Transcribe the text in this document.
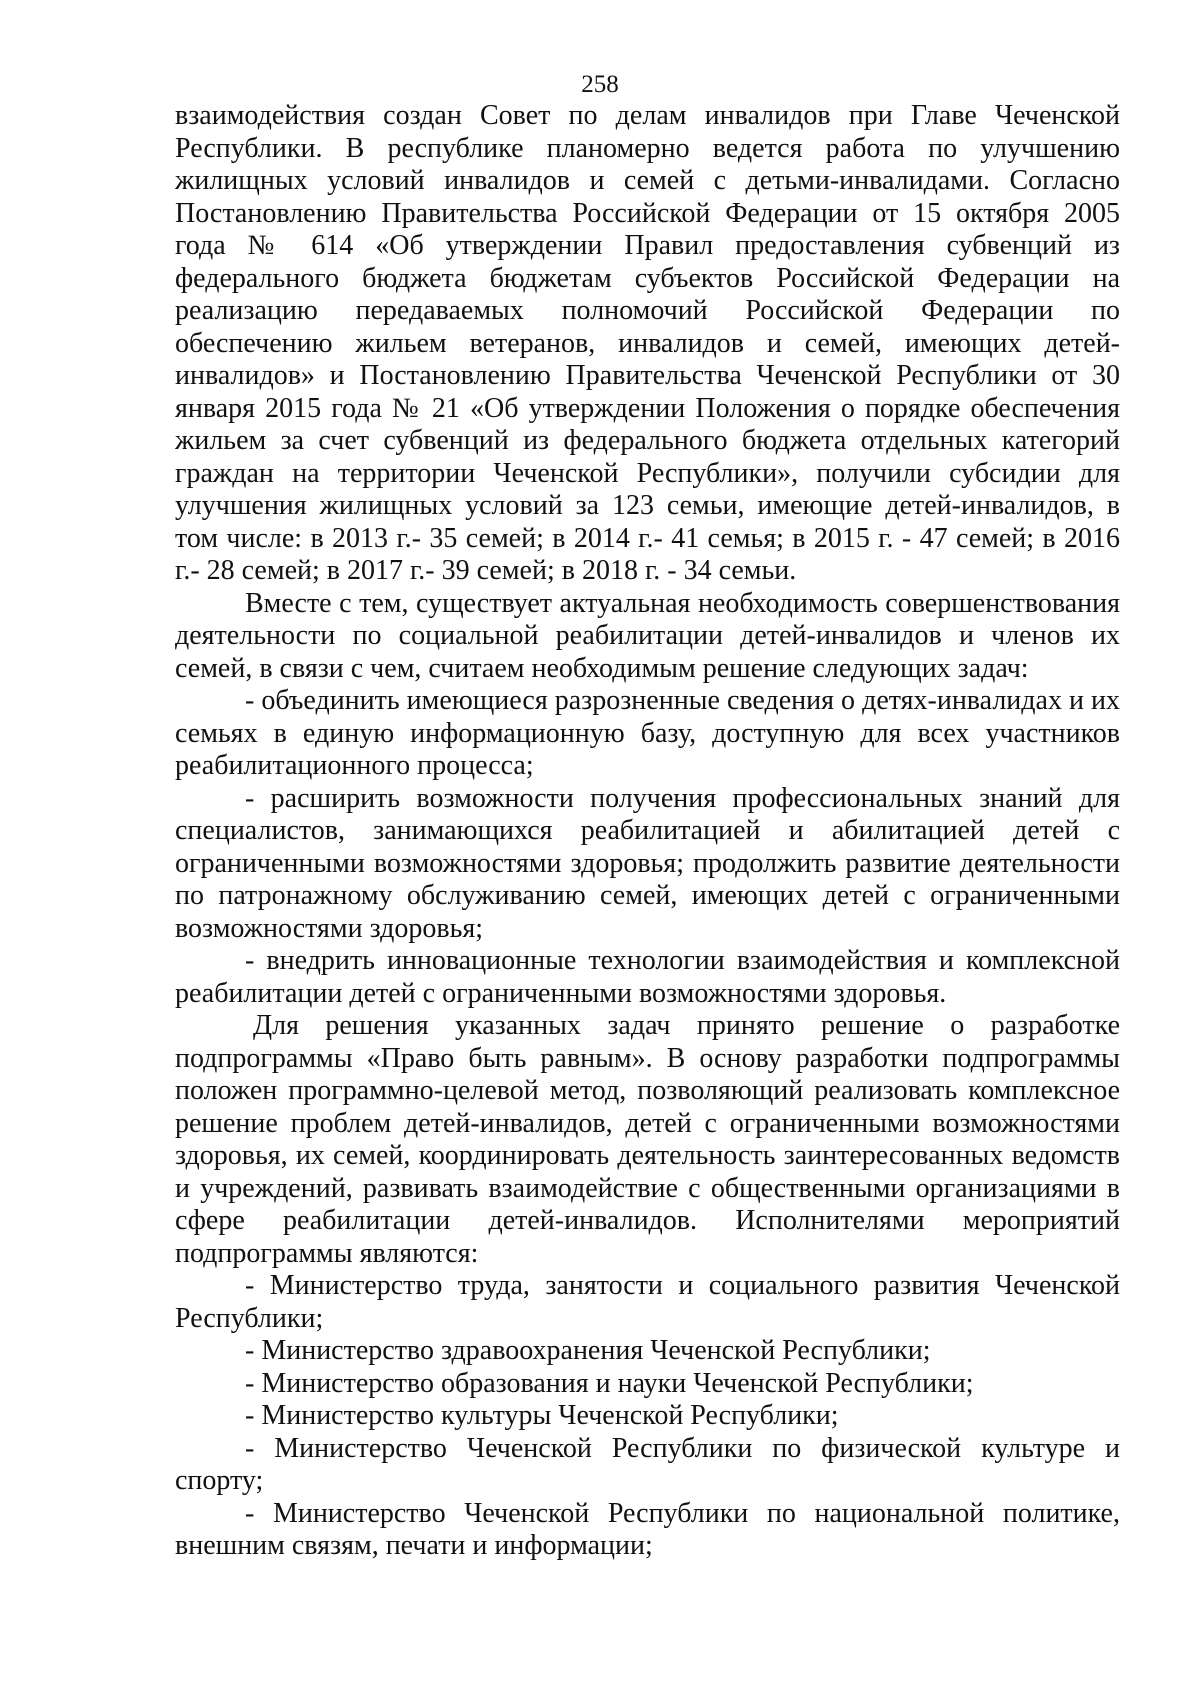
258

взаимодействия создан Совет по делам инвалидов при Главе Чеченской Республики. В республике планомерно ведется работа по улучшению жилищных условий инвалидов и семей с детьми-инвалидами. Согласно Постановлению Правительства Российской Федерации от 15 октября 2005 года № 614 «Об утверждении Правил предоставления субвенций из федерального бюджета бюджетам субъектов Российской Федерации на реализацию передаваемых полномочий Российской Федерации по обеспечению жильем ветеранов, инвалидов и семей, имеющих детей-инвалидов» и Постановлению Правительства Чеченской Республики от 30 января 2015 года № 21 «Об утверждении Положения о порядке обеспечения жильем за счет субвенций из федерального бюджета отдельных категорий граждан на территории Чеченской Республики», получили субсидии для улучшения жилищных условий за 123 семьи, имеющие детей-инвалидов, в том числе: в 2013 г.- 35 семей; в 2014 г.- 41 семья; в 2015 г. - 47 семей; в 2016 г.- 28 семей; в 2017 г.- 39 семей; в 2018 г. - 34 семьи.

Вместе с тем, существует актуальная необходимость совершенствования деятельности по социальной реабилитации детей-инвалидов и членов их семей, в связи с чем, считаем необходимым решение следующих задач:

- объединить имеющиеся разрозненные сведения о детях-инвалидах и их семьях в единую информационную базу, доступную для всех участников реабилитационного процесса;

- расширить возможности получения профессиональных знаний для специалистов, занимающихся реабилитацией и абилитацией детей с ограниченными возможностями здоровья; продолжить развитие деятельности по патронажному обслуживанию семей, имеющих детей с ограниченными возможностями здоровья;

- внедрить инновационные технологии взаимодействия и комплексной реабилитации детей с ограниченными возможностями здоровья.

Для решения указанных задач принято решение о разработке подпрограммы «Право быть равным». В основу разработки подпрограммы положен программно-целевой метод, позволяющий реализовать комплексное решение проблем детей-инвалидов, детей с ограниченными возможностями здоровья, их семей, координировать деятельность заинтересованных ведомств и учреждений, развивать взаимодействие с общественными организациями в сфере реабилитации детей-инвалидов. Исполнителями мероприятий подпрограммы являются:

- Министерство труда, занятости и социального развития Чеченской Республики;

- Министерство здравоохранения Чеченской Республики;

- Министерство образования и науки Чеченской Республики;

- Министерство культуры Чеченской Республики;

- Министерство Чеченской Республики по физической культуре и спорту;

- Министерство Чеченской Республики по национальной политике, внешним связям, печати и информации;
